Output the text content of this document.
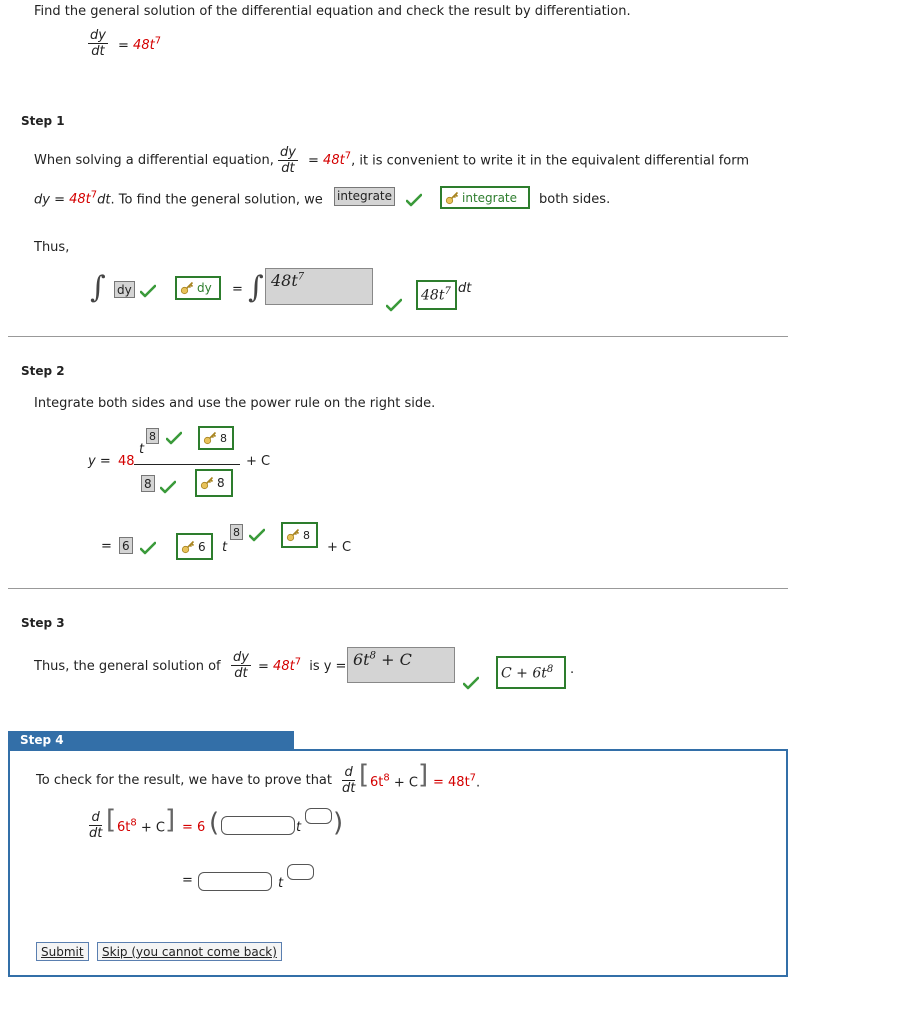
Find the general solution of the differential equation and check the result by differentiation.
$\frac{dy}{dt} = 48t^7$
Step 1
When solving a differential equation, $\frac{dy}{dt} = 48t^7$, it is convenient to write it in the equivalent differential form
dy = $48t^7dt$. To find the general solution, we integrate	integrate both sides.
Thus,
∫ dy	dy = ∫ $48t^7$
$48t^7$ dt
Step 2
Integrate both sides and use the power rule on the right side.
y = 48
t
8	8
+ C
8	8
= 6	6 t
8	8
+ C
Step 3
Thus, the general solution of $\frac{dy}{dt} = 48t^7$ is $y = 6t^8 + C$
$C + 6t^8$ .
Step 4
To check for the result, we have to prove that $\frac{d}{dt}$ [ $6t^8 + C$ ] = $48t^7$.
$\frac{d}{dt}$ [ $6t^8 + C$ ] = 6 (	t )
=	t
Submit	Skip (you cannot come back)
